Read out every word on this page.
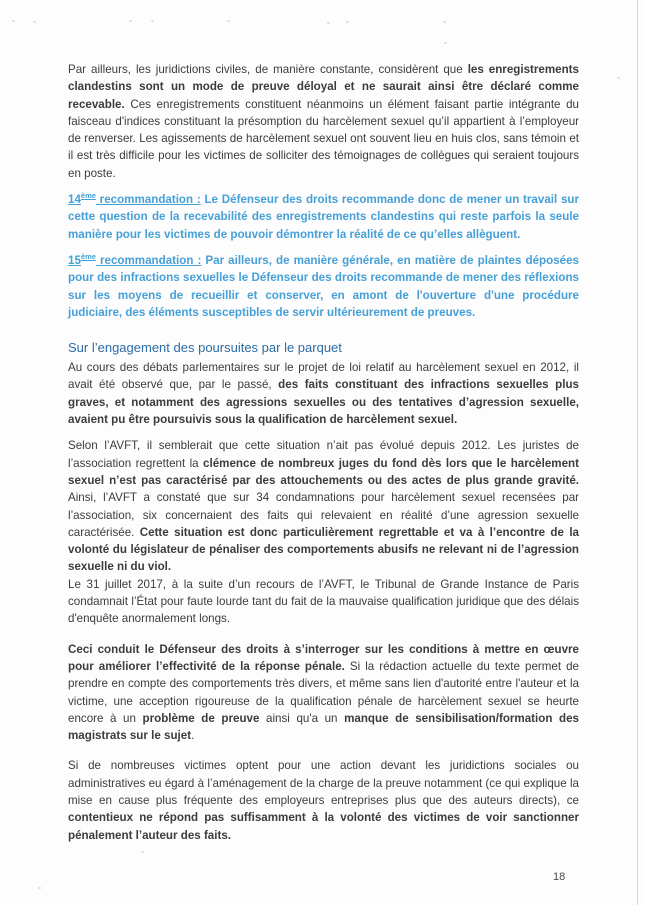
Par ailleurs, les juridictions civiles, de manière constante, considèrent que les enregistrements clandestins sont un mode de preuve déloyal et ne saurait ainsi être déclaré comme recevable. Ces enregistrements constituent néanmoins un élément faisant partie intégrante du faisceau d'indices constituant la présomption du harcèlement sexuel qu’il appartient à l’employeur de renverser. Les agissements de harcèlement sexuel ont souvent lieu en huis clos, sans témoin et il est très difficile pour les victimes de solliciter des témoignages de collègues qui seraient toujours en poste.

14ème recommandation : Le Défenseur des droits recommande donc de mener un travail sur cette question de la recevabilité des enregistrements clandestins qui reste parfois la seule manière pour les victimes de pouvoir démontrer la réalité de ce qu’elles allèguent.

15ème recommandation : Par ailleurs, de manière générale, en matière de plaintes déposées pour des infractions sexuelles le Défenseur des droits recommande de mener des réflexions sur les moyens de recueillir et conserver, en amont de l'ouverture d'une procédure judiciaire, des éléments susceptibles de servir ultérieurement de preuves.

Sur l’engagement des poursuites par le parquet

Au cours des débats parlementaires sur le projet de loi relatif au harcèlement sexuel en 2012, il avait été observé que, par le passé, des faits constituant des infractions sexuelles plus graves, et notamment des agressions sexuelles ou des tentatives d’agression sexuelle, avaient pu être poursuivis sous la qualification de harcèlement sexuel.

Selon l’AVFT, il semblerait que cette situation n’ait pas évolué depuis 2012. Les juristes de l’association regrettent la clémence de nombreux juges du fond dès lors que le harcèlement sexuel n’est pas caractérisé par des attouchements ou des actes de plus grande gravité. Ainsi, l’AVFT a constaté que sur 34 condamnations pour harcèlement sexuel recensées par l’association, six concernaient des faits qui relevaient en réalité d’une agression sexuelle caractérisée. Cette situation est donc particulièrement regrettable et va à l’encontre de la volonté du législateur de pénaliser des comportements abusifs ne relevant ni de l’agression sexuelle ni du viol.

Le 31 juillet 2017, à la suite d’un recours de l’AVFT, le Tribunal de Grande Instance de Paris condamnait l’État pour faute lourde tant du fait de la mauvaise qualification juridique que des délais d'enquête anormalement longs.

Ceci conduit le Défenseur des droits à s’interroger sur les conditions à mettre en œuvre pour améliorer l’effectivité de la réponse pénale. Si la rédaction actuelle du texte permet de prendre en compte des comportements très divers, et même sans lien d'autorité entre l'auteur et la victime, une acception rigoureuse de la qualification pénale de harcèlement sexuel se heurte encore à un problème de preuve ainsi qu'a un manque de sensibilisation/formation des magistrats sur le sujet.

Si de nombreuses victimes optent pour une action devant les juridictions sociales ou administratives eu égard à l’aménagement de la charge de la preuve notamment (ce qui explique la mise en cause plus fréquente des employeurs entreprises plus que des auteurs directs), ce contentieux ne répond pas suffisamment à la volonté des victimes de voir sanctionner pénalement l’auteur des faits.

18
